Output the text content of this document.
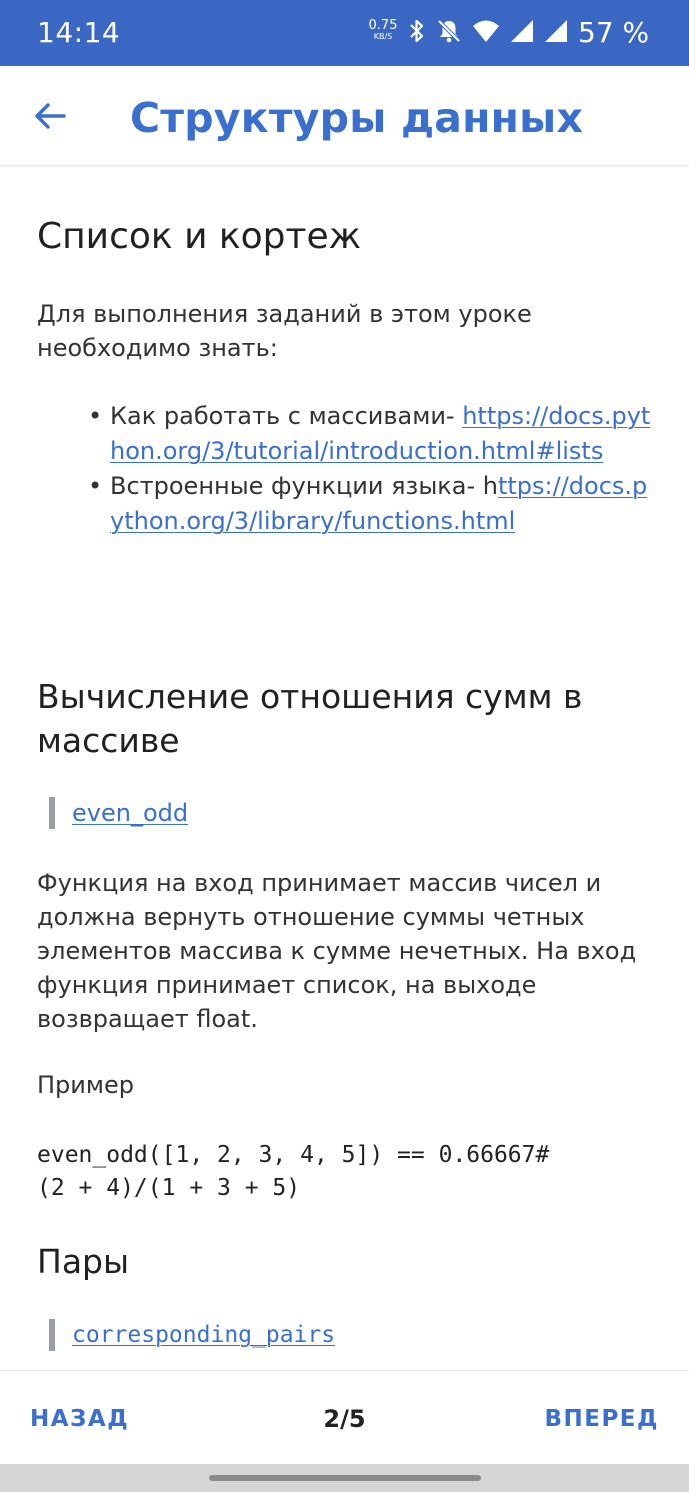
14:14	0.75
KB/S	57 %
Структуры данных
Список и кортеж

Для выполнения заданий в этом уроке необходимо знать:

• Как работать с массивами- https://docs.python.org/3/tutorial/introduction.html#lists
• Встроенные функции языка- https://docs.python.org/3/library/functions.html
Вычисление отношения сумм в массиве
even_odd

Функция на вход принимает массив чисел и должна вернуть отношение суммы четных элементов массива к сумме нечетных. На вход функция принимает список, на выходе возвращает float.

Пример
even_odd([1, 2, 3, 4, 5]) == 0.66667#
(2 + 4)/(1 + 3 + 5)
Пары
corresponding_pairs
НАЗАД	2/5	ВПЕРЕД
